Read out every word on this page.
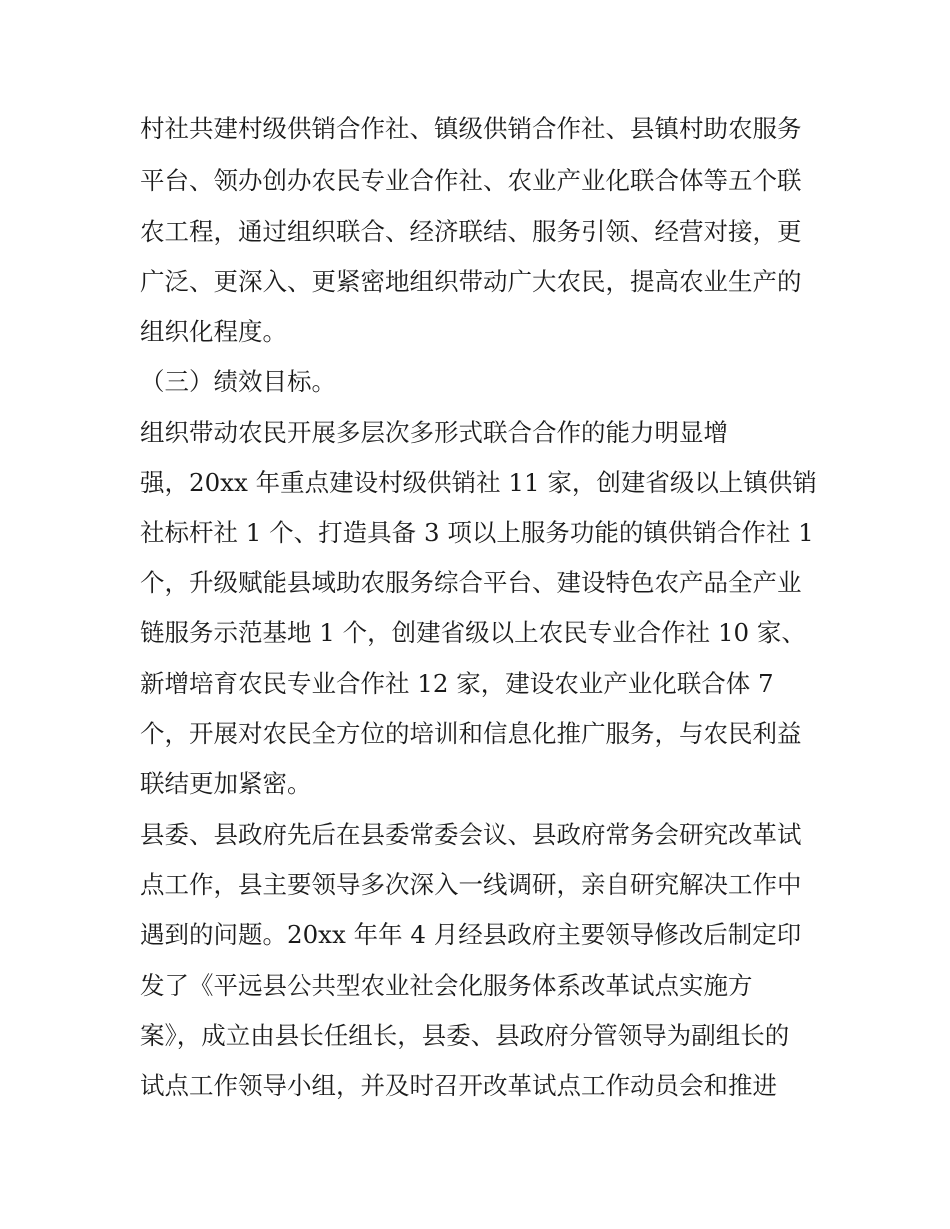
村社共建村级供销合作社、镇级供销合作社、县镇村助农服务
平台、领办创办农民专业合作社、农业产业化联合体等五个联
农工程，通过组织联合、经济联结、服务引领、经营对接，更
广泛、更深入、更紧密地组织带动广大农民，提高农业生产的
组织化程度。
（三）绩效目标。
组织带动农民开展多层次多形式联合合作的能力明显增
强，20xx 年重点建设村级供销社 11 家，创建省级以上镇供销
社标杆社 1 个、打造具备 3 项以上服务功能的镇供销合作社 1
个，升级赋能县域助农服务综合平台、建设特色农产品全产业
链服务示范基地 1 个，创建省级以上农民专业合作社 10 家、
新增培育农民专业合作社 12 家，建设农业产业化联合体 7
个，开展对农民全方位的培训和信息化推广服务，与农民利益
联结更加紧密。
县委、县政府先后在县委常委会议、县政府常务会研究改革试
点工作，县主要领导多次深入一线调研，亲自研究解决工作中
遇到的问题。20xx 年年 4 月经县政府主要领导修改后制定印
发了《平远县公共型农业社会化服务体系改革试点实施方
案》，成立由县长任组长，县委、县政府分管领导为副组长的
试点工作领导小组，并及时召开改革试点工作动员会和推进
